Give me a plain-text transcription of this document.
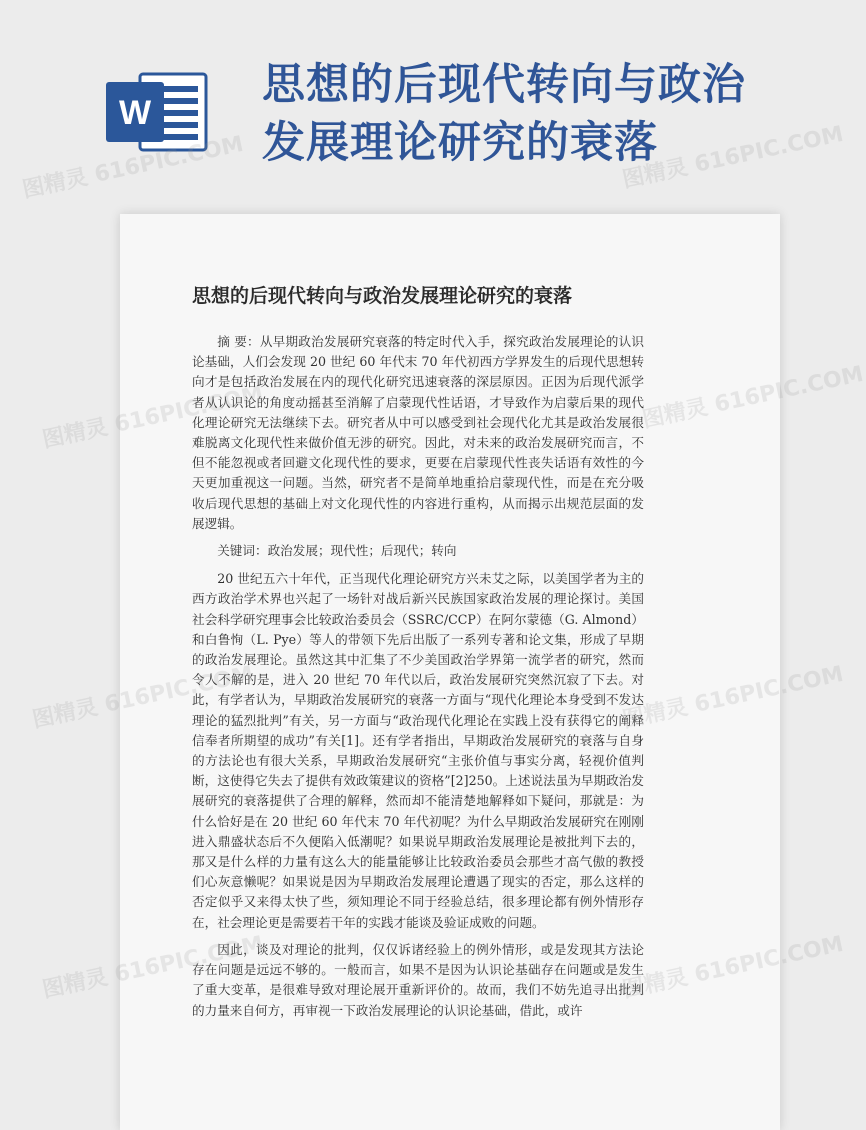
W
思想的后现代转向与政治发展理论研究的衰落
思想的后现代转向与政治发展理论研究的衰落

摘 要：从早期政治发展研究衰落的特定时代入手，探究政治发展理论的认识论基础，人们会发现 20 世纪 60 年代末 70 年代初西方学界发生的后现代思想转向才是包括政治发展在内的现代化研究迅速衰落的深层原因。正因为后现代派学者从认识论的角度动摇甚至消解了启蒙现代性话语，才导致作为启蒙后果的现代化理论研究无法继续下去。研究者从中可以感受到社会现代化尤其是政治发展很难脱离文化现代性来做价值无涉的研究。因此，对未来的政治发展研究而言，不但不能忽视或者回避文化现代性的要求，更要在启蒙现代性丧失话语有效性的今天更加重视这一问题。当然，研究者不是简单地重拾启蒙现代性，而是在充分吸收后现代思想的基础上对文化现代性的内容进行重构，从而揭示出规范层面的发展逻辑。

关键词：政治发展；现代性；后现代；转向

20 世纪五六十年代，正当现代化理论研究方兴未艾之际，以美国学者为主的西方政治学术界也兴起了一场针对战后新兴民族国家政治发展的理论探讨。美国社会科学研究理事会比较政治委员会（SSRC/CCP）在阿尔蒙德（G. Almond）和白鲁恂（L. Pye）等人的带领下先后出版了一系列专著和论文集，形成了早期的政治发展理论。虽然这其中汇集了不少美国政治学界第一流学者的研究，然而令人不解的是，进入 20 世纪 70 年代以后，政治发展研究突然沉寂了下去。对此，有学者认为，早期政治发展研究的衰落一方面与“现代化理论本身受到不发达理论的猛烈批判”有关，另一方面与“政治现代化理论在实践上没有获得它的阐释信奉者所期望的成功”有关[1]。还有学者指出，早期政治发展研究的衰落与自身的方法论也有很大关系，早期政治发展研究“主张价值与事实分离，轻视价值判断，这使得它失去了提供有效政策建议的资格”[2]250。上述说法虽为早期政治发展研究的衰落提供了合理的解释，然而却不能清楚地解释如下疑问，那就是：为什么恰好是在 20 世纪 60 年代末 70 年代初呢？为什么早期政治发展研究在刚刚进入鼎盛状态后不久便陷入低潮呢？如果说早期政治发展理论是被批判下去的，那又是什么样的力量有这么大的能量能够让比较政治委员会那些才高气傲的教授们心灰意懒呢？如果说是因为早期政治发展理论遭遇了现实的否定，那么这样的否定似乎又来得太快了些，须知理论不同于经验总结，很多理论都有例外情形存在，社会理论更是需要若干年的实践才能谈及验证成败的问题。

因此，谈及对理论的批判，仅仅诉诸经验上的例外情形，或是发现其方法论存在问题是远远不够的。一般而言，如果不是因为认识论基础存在问题或是发生了重大变革，是很难导致对理论展开重新评价的。故而，我们不妨先追寻出批判的力量来自何方，再审视一下政治发展理论的认识论基础，借此，或许

图精灵 616PIC.COM	图精灵 616PIC.COM
图精灵
616PIC.COM
图精灵
图精灵
